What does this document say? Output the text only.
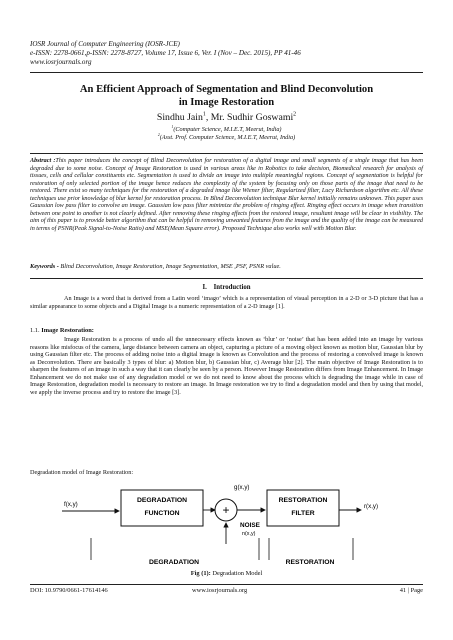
IOSR Journal of Computer Engineering (IOSR-JCE)
e-ISSN: 2278-0661,p-ISSN: 2278-8727, Volume 17, Issue 6, Ver. I (Nov – Dec. 2015), PP 41-46
www.iosrjournals.org
An Efficient Approach of Segmentation and Blind Deconvolution
in Image Restoration
Sindhu Jain$^1$, Mr. Sudhir Goswami$^2$
$^1$(Computer Science, M.I.E.T, Meerut, India)
$^2$(Asst. Prof. Computer Science, M.I.E.T, Meerut, India)
Abstract :This paper introduces the concept of Blind Deconvolution for restoration of a digital image and small segments of a single image that has been degraded due to some noise. Concept of Image Restoration is used in various areas like in Robotics to take decision, Biomedical research for analysis of tissues, cells and cellular constituents etc. Segmentation is used to divide an image into multiple meaningful regions. Concept of segmentation is helpful for restoration of only selected portion of the image hence reduces the complexity of the system by focusing only on those parts of the image that need to be restored. There exist so many techniques for the restoration of a degraded image like Wiener filter, Regularized filter, Lucy Richardson algorithm etc. All these techniques use prior knowledge of blur kernel for restoration process. In Blind Deconvolution technique Blur kernel initially remains unknown. This paper uses Gaussian low pass filter to convolve an image. Gaussian low pass filter minimize the problem of ringing effect. Ringing effect occurs in image when transition between one point to another is not clearly defined. After removing these ringing effects from the restored image, resultant image will be clear in visibility. The aim of this paper is to provide better algorithm that can be helpful in removing unwanted features from the image and the quality of the image can be measured in terms of PSNR(Peak Signal-to-Noise Ratio) and MSE(Mean Square error). Proposed Technique also works well with Motion Blur.
Keywords - Blind Deconvolution, Image Restoration, Image Segmentation, MSE ,PSF, PSNR value.
I. Introduction
An Image is a word that is derived from a Latin word ‘imago’ which is a representation of visual perception in a 2-D or 3-D picture that has a similar appearance to some objects and a Digital Image is a numeric representation of a 2-D image [1].
1.1. Image Restoration:
Image Restoration is a process of undo all the unnecessary effects known as ‘blur’ or ‘noise’ that has been added into an image by various reasons like misfocus of the camera, large distance between camera an object, capturing a picture of a moving object known as motion blur, Gaussian blur by using Gaussian filter etc. The process of adding noise into a digital image is known as Convolution and the process of restoring a convolved image is known as Deconvolution. There are basically 3 types of blur: a) Motion blur, b) Gaussian blur, c) Average blur [2]. The main objective of Image Restoration is to sharpen the features of an image in such a way that it can clearly be seen by a person. However Image Restoration differs from Image Enhancement. In Image Enhancement we do not make use of any degradation model or we do not need to know about the process which is degrading the image while in case of Image Restoration, degradation model is necessary to restore an image. In Image restoration we try to find a degradation model and then by using that model, we apply the inverse process and try to restore the image [3].
Degradation model of Image Restoration:
f(x,y)
DEGRADATION
FUNCTION	+
g(x,y)
NOISE
n(x,y)
RESTORATION
FILTER
r(x,y)
DEGRADATION	RESTORATION
Fig (1): Degradation Model
DOI: 10.9790/0661-17614146	www.iosrjournals.org	41 | Page
